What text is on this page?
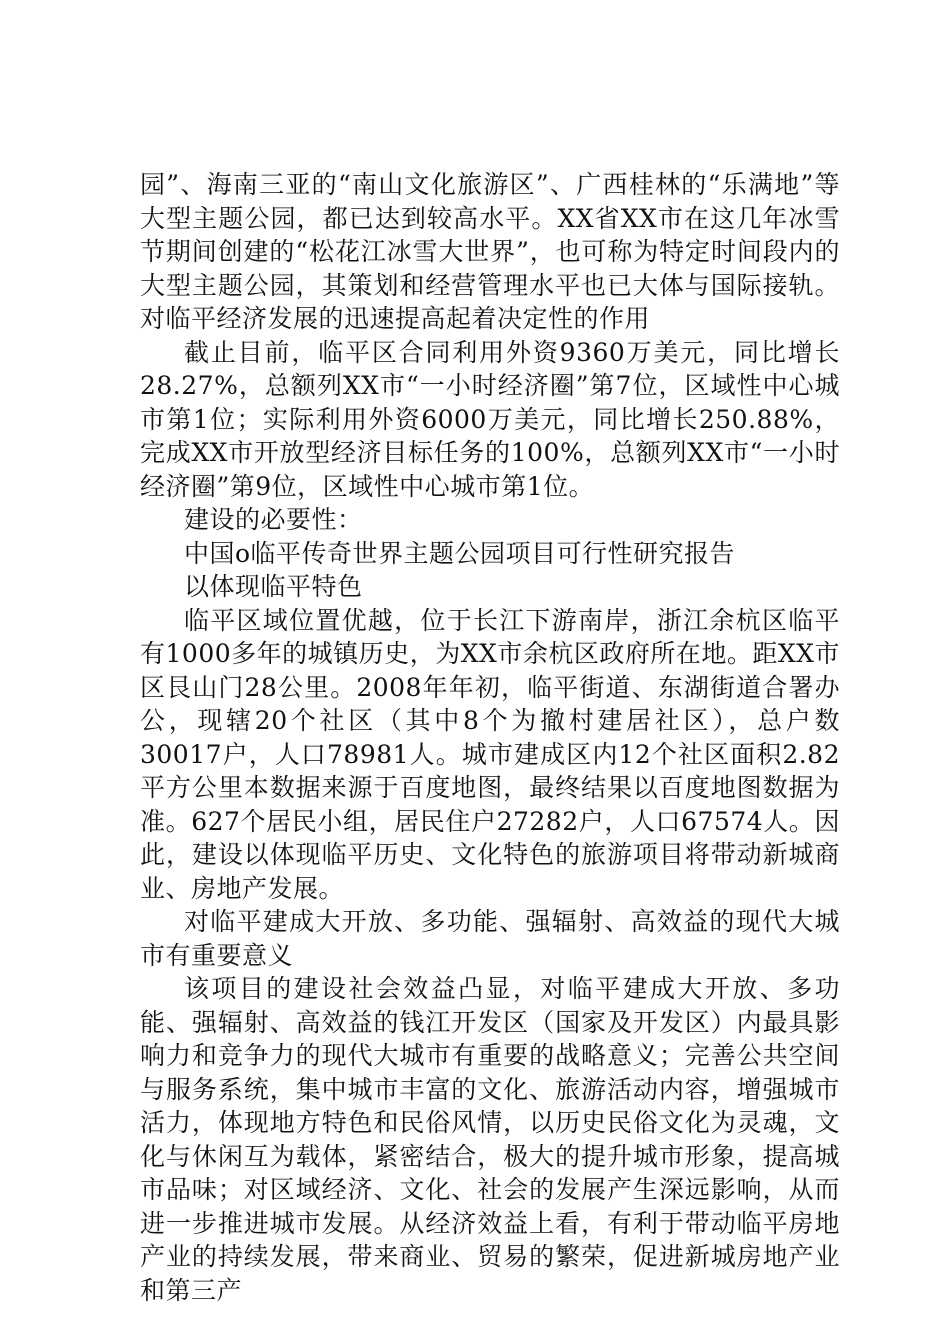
园”、海南三亚的“南山文化旅游区”、广西桂林的“乐满地”等大型主题公园，都已达到较高水平。XX省XX市在这几年冰雪节期间创建的“松花江冰雪大世界”，也可称为特定时间段内的大型主题公园，其策划和经营管理水平也已大体与国际接轨。对临平经济发展的迅速提高起着决定性的作用

截止目前，临平区合同利用外资9360万美元，同比增长28.27%，总额列XX市“一小时经济圈”第7位，区域性中心城市第1位；实际利用外资6000万美元，同比增长250.88%，完成XX市开放型经济目标任务的100%，总额列XX市“一小时经济圈”第9位，区域性中心城市第1位。

建设的必要性：

中国o临平传奇世界主题公园项目可行性研究报告

以体现临平特色

临平区域位置优越，位于长江下游南岸，浙江余杭区临平有1000多年的城镇历史，为XX市余杭区政府所在地。距XX市区艮山门28公里。2008年年初，临平街道、东湖街道合署办公，现辖20个社区（其中8个为撤村建居社区），总户数30017户，人口78981人。城市建成区内12个社区面积2.82平方公里本数据来源于百度地图，最终结果以百度地图数据为准。627个居民小组，居民住户27282户，人口67574人。因此，建设以体现临平历史、文化特色的旅游项目将带动新城商业、房地产发展。

对临平建成大开放、多功能、强辐射、高效益的现代大城市有重要意义

该项目的建设社会效益凸显，对临平建成大开放、多功能、强辐射、高效益的钱江开发区（国家及开发区）内最具影响力和竞争力的现代大城市有重要的战略意义；完善公共空间与服务系统，集中城市丰富的文化、旅游活动内容，增强城市活力，体现地方特色和民俗风情，以历史民俗文化为灵魂，文化与休闲互为载体，紧密结合，极大的提升城市形象，提高城市品味；对区域经济、文化、社会的发展产生深远影响，从而进一步推进城市发展。从经济效益上看，有利于带动临平房地产业的持续发展，带来商业、贸易的繁荣，促进新城房地产业和第三产
